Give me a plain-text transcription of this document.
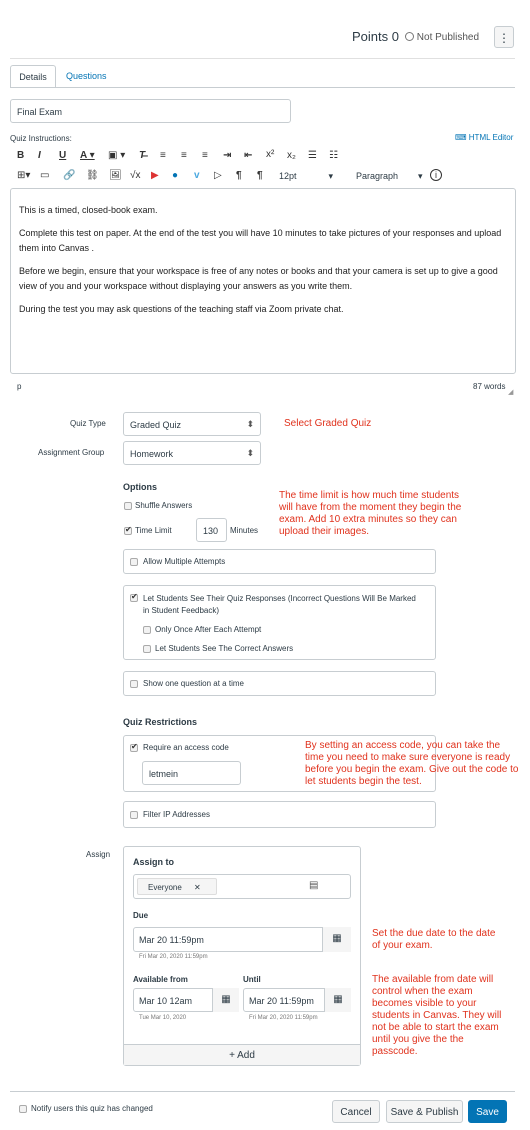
Points 0	Not Published	⋮
Details	Questions
Final Exam
Quiz Instructions:	⌨ HTML Editor
B I U A ▾ ▣ ▾ T̶ ≡ ≡ ≡ ⇥ ⇤ x² x₂ ☰ ☷
⊞▾ ▭ 🔗 ⛓ 🖼 √x ▶ ● v ▷ ¶ ¶ 12pt	▾	Paragraph ▾	i

This is a timed, closed-book exam.

Complete this test on paper. At the end of the test you will have 10 minutes to take pictures of your responses and upload them into Canvas .

Before we begin, ensure that your workspace is free of any notes or books and that your camera is set up to give a good view of you and your workspace without displaying your answers as you write them.

During the test you may ask questions of the teaching staff via Zoom private chat.

p	87 words
◢
Quiz Type	Graded Quiz ⬍	Select Graded Quiz
Assignment Group	Homework ⬍
Options
Shuffle Answers
✔
Time Limit	130	Minutes
The time limit is how much time students will have from the moment they begin the exam. Add 10 extra minutes so they can upload their images.
Allow Multiple Attempts
✔
Let Students See Their Quiz Responses (Incorrect Questions Will Be Marked in Student Feedback)
Only Once After Each Attempt
Let Students See The Correct Answers
Show one question at a time
Quiz Restrictions
✔
Require an access code
letmein
By setting an access code, you can take the time you need to make sure everyone is ready before you begin the exam. Give out the code to let students begin the test.
Filter IP Addresses
Assign
Assign to
Everyone ✕	▤
Due
Mar 20 11:59pm	▦
Fri Mar 20, 2020 11:59pm
Available from	Until
Mar 10 12am	▦	Mar 20 11:59pm	▦
Tue Mar 10, 2020	Fri Mar 20, 2020 11:59pm
+ Add
Set the due date to the date of your exam.
The available from date will control when the exam becomes visible to your students in Canvas. They will not be able to start the exam until you give the the passcode.
Notify users this quiz has changed	Cancel	Save & Publish	Save
